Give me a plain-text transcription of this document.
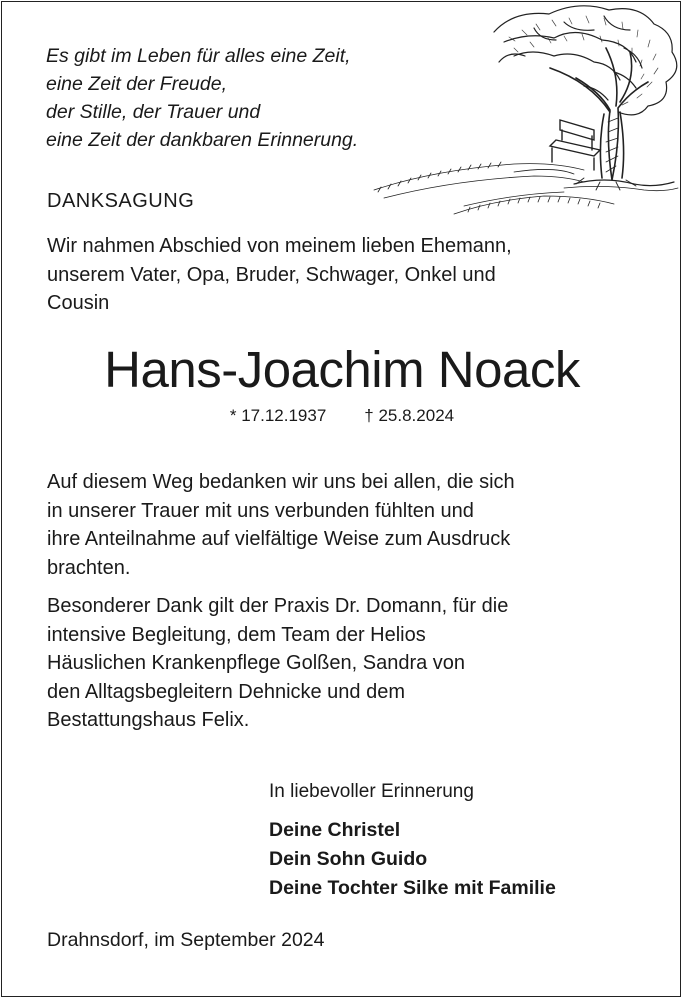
Es gibt im Leben für alles eine Zeit,
eine Zeit der Freude,
der Stille, der Trauer und
eine Zeit der dankbaren Erinnerung.
DANKSAGUNG
Wir nahmen Abschied von meinem lieben Ehemann,
unserem Vater, Opa, Bruder, Schwager, Onkel und
Cousin
Hans-Joachim Noack
* 17.12.1937 † 25.8.2024
Auf diesem Weg bedanken wir uns bei allen, die sich
in unserer Trauer mit uns verbunden fühlten und
ihre Anteilnahme auf vielfältige Weise zum Ausdruck
brachten.
Besonderer Dank gilt der Praxis Dr. Domann, für die
intensive Begleitung, dem Team der Helios
Häuslichen Krankenpflege Golßen, Sandra von
den Alltagsbegleitern Dehnicke und dem
Bestattungshaus Felix.
In liebevoller Erinnerung
Deine Christel
Dein Sohn Guido
Deine Tochter Silke mit Familie
Drahnsdorf, im September 2024
